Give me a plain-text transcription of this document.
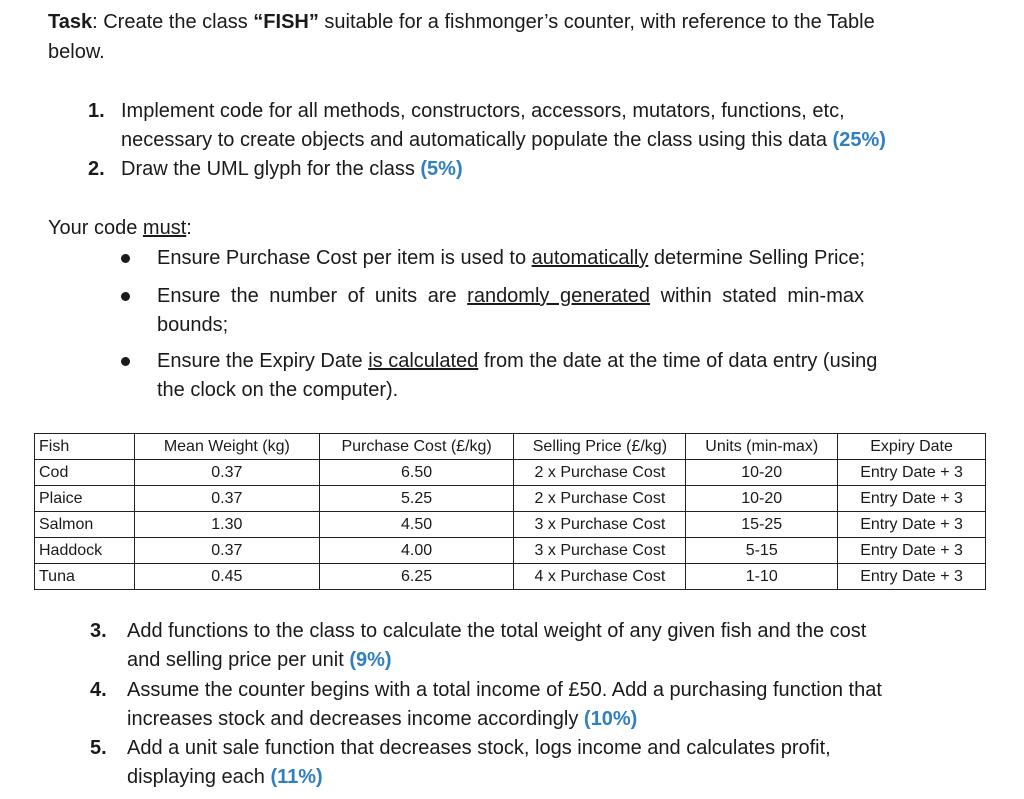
Task: Create the class “FISH” suitable for a fishmonger’s counter, with reference to the Table
below.
1. Implement code for all methods, constructors, accessors, mutators, functions, etc,
necessary to create objects and automatically populate the class using this data (25%)
2. Draw the UML glyph for the class (5%)
Your code must:
Ensure Purchase Cost per item is used to automatically determine Selling Price;
Ensure the number of units are randomly generated within stated min-max
bounds;
Ensure the Expiry Date is calculated from the date at the time of data entry (using
the clock on the computer).
Fish	Mean Weight (kg)	Purchase Cost (£/kg)	Selling Price (£/kg)	Units (min-max)	Expiry Date
Cod	0.37	6.50	2 x Purchase Cost	10-20	Entry Date + 3
Plaice	0.37	5.25	2 x Purchase Cost	10-20	Entry Date + 3
Salmon	1.30	4.50	3 x Purchase Cost	15-25	Entry Date + 3
Haddock	0.37	4.00	3 x Purchase Cost	5-15	Entry Date + 3
Tuna	0.45	6.25	4 x Purchase Cost	1-10	Entry Date + 3
3. Add functions to the class to calculate the total weight of any given fish and the cost
and selling price per unit (9%)
4. Assume the counter begins with a total income of £50. Add a purchasing function that
increases stock and decreases income accordingly (10%)
5. Add a unit sale function that decreases stock, logs income and calculates profit,
displaying each (11%)
